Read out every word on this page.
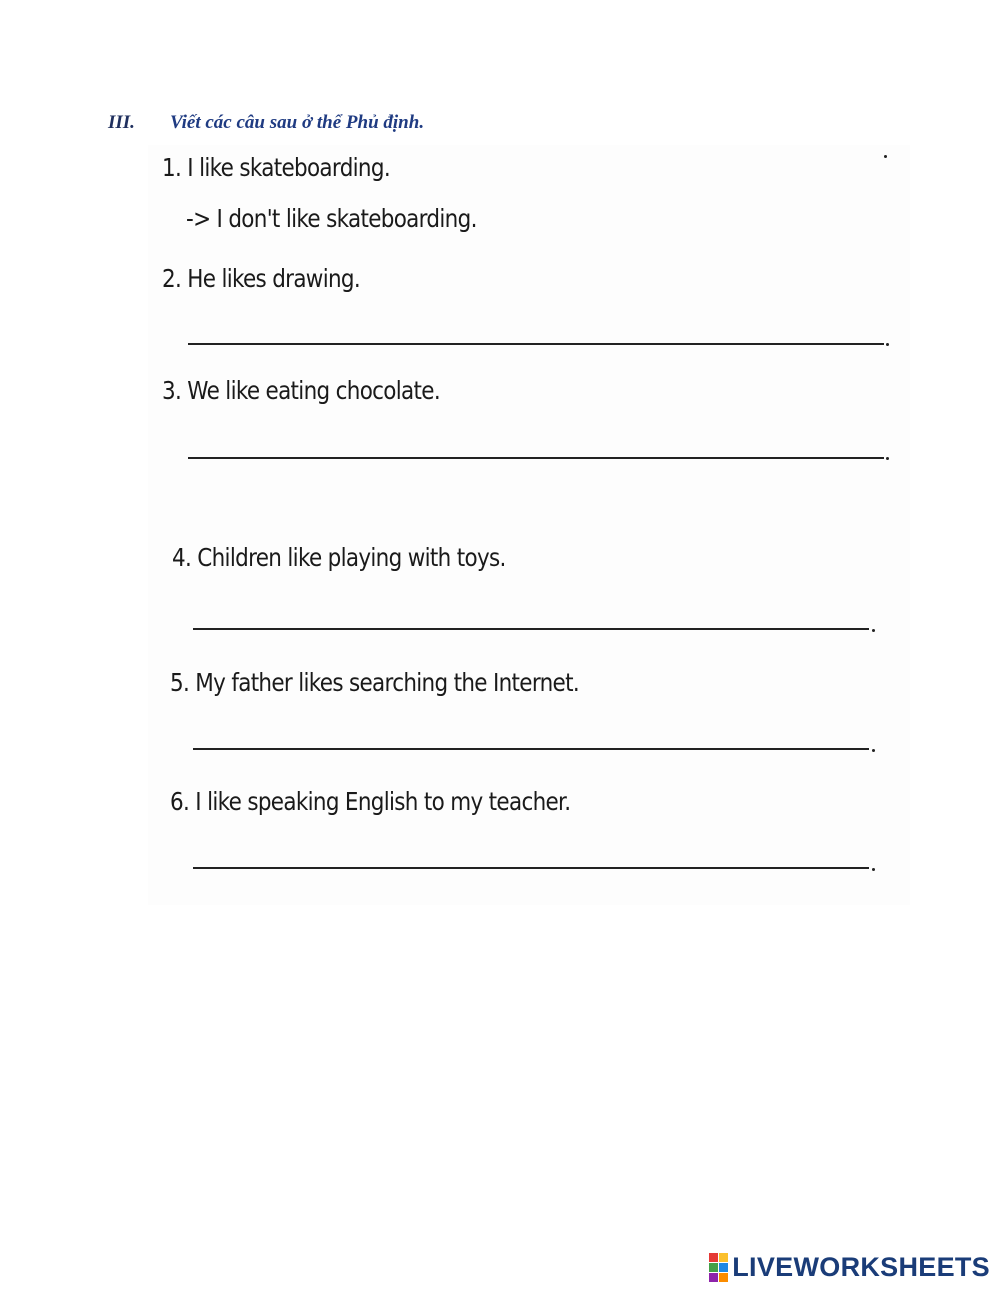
III. Viết các câu sau ở thể Phủ định.
1. I like skateboarding.
-> I don't like skateboarding.
2. He likes drawing.
3. We like eating chocolate.
4. Children like playing with toys.
5. My father likes searching the Internet.
6. I like speaking English to my teacher.
LIVEWORKSHEETS
